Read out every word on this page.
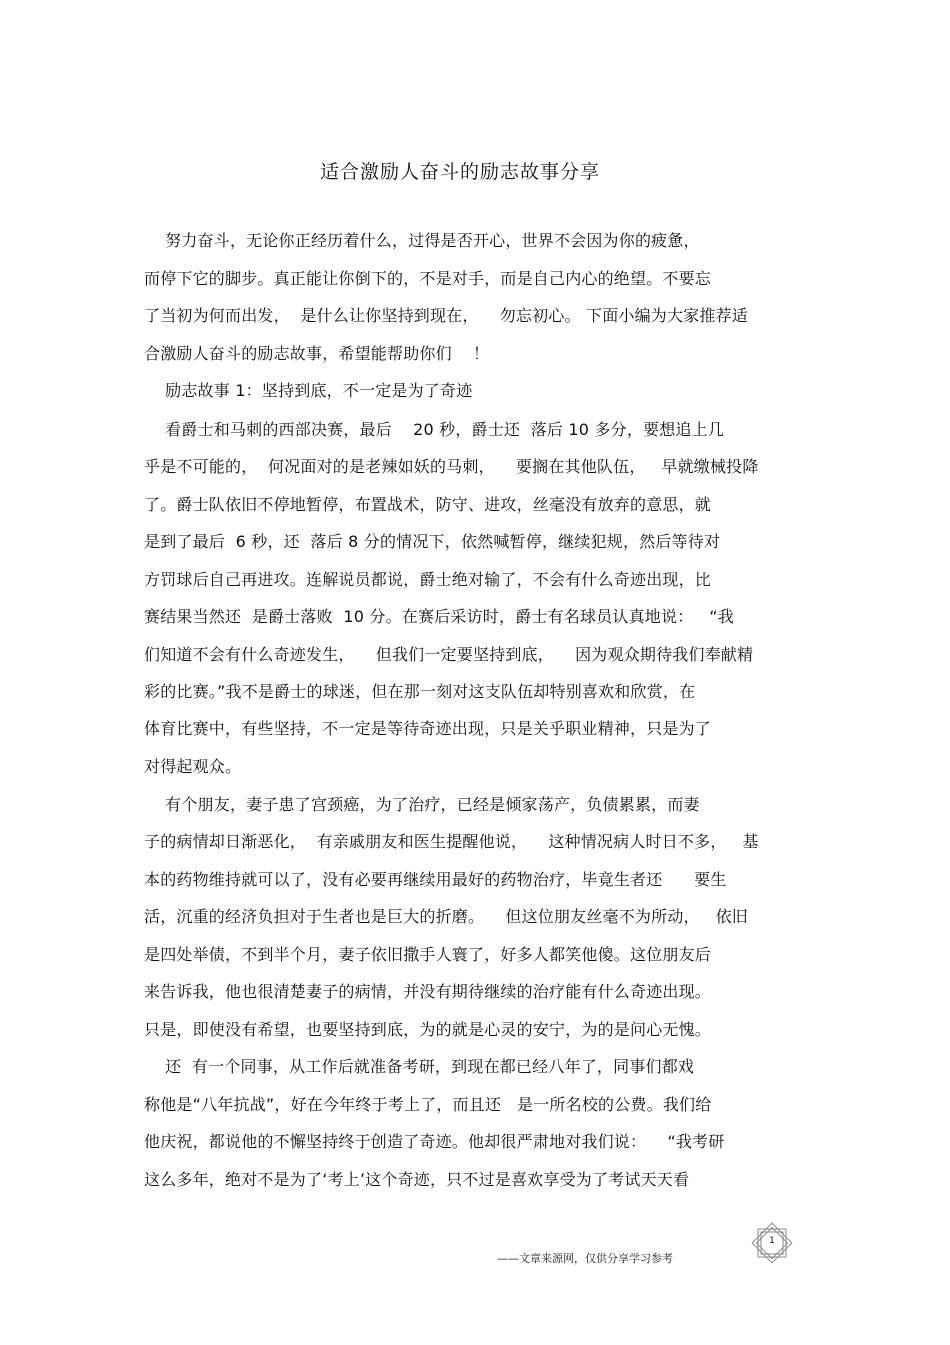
适合激励人奋斗的励志故事分享
努力奋斗，无论你正经历着什么，过得是否开心，世界不会因为你的疲惫，
而停下它的脚步。真正能让你倒下的，不是对手，而是自己内心的绝望。不要忘
了当初为何而出发，  是什么让你坚持到现在，    勿忘初心。 下面小编为大家推荐适
合激励人奋斗的励志故事，希望能帮助你们    ！
励志故事 1：坚持到底，不一定是为了奇迹
看爵士和马刺的西部决赛，最后    20 秒，爵士还  落后 10 多分，要想追上几
乎是不可能的，  何况面对的是老辣如妖的马刺，    要搁在其他队伍，   早就缴械投降
了。爵士队依旧不停地暂停，布置战术，防守、进攻，丝毫没有放弃的意思，就
是到了最后  6 秒，还  落后 8 分的情况下，依然喊暂停，继续犯规，然后等待对
方罚球后自己再进攻。连解说员都说，爵士绝对输了，不会有什么奇迹出现，比
赛结果当然还  是爵士落败  10 分。在赛后采访时，爵士有名球员认真地说：   “我
们知道不会有什么奇迹发生，    但我们一定要坚持到底，    因为观众期待我们奉献精
彩的比赛。”我不是爵士的球迷，但在那一刻对这支队伍却特别喜欢和欣赏，在
体育比赛中，有些坚持，不一定是等待奇迹出现，只是关乎职业精神，只是为了
对得起观众。
有个朋友，妻子患了宫颈癌，为了治疗，已经是倾家荡产，负债累累，而妻
子的病情却日渐恶化，  有亲戚朋友和医生提醒他说，    这种情况病人时日不多，   基
本的药物维持就可以了，没有必要再继续用最好的药物治疗，毕竟生者还      要生
活，沉重的经济负担对于生者也是巨大的折磨。    但这位朋友丝毫不为所动，   依旧
是四处举债，不到半个月，妻子依旧撒手人寰了，好多人都笑他傻。这位朋友后
来告诉我，他也很清楚妻子的病情，并没有期待继续的治疗能有什么奇迹出现。
只是，即使没有希望，也要坚持到底，为的就是心灵的安宁，为的是问心无愧。
还  有一个同事，从工作后就准备考研，到现在都已经八年了，同事们都戏
称他是“八年抗战”，好在今年终于考上了，而且还   是一所名校的公费。我们给
他庆祝，都说他的不懈坚持终于创造了奇迹。他却很严肃地对我们说：    “我考研
这么多年，绝对不是为了‘考上’这个奇迹，只不过是喜欢享受为了考试天天看
1
——文章来源网，仅供分享学习参考
